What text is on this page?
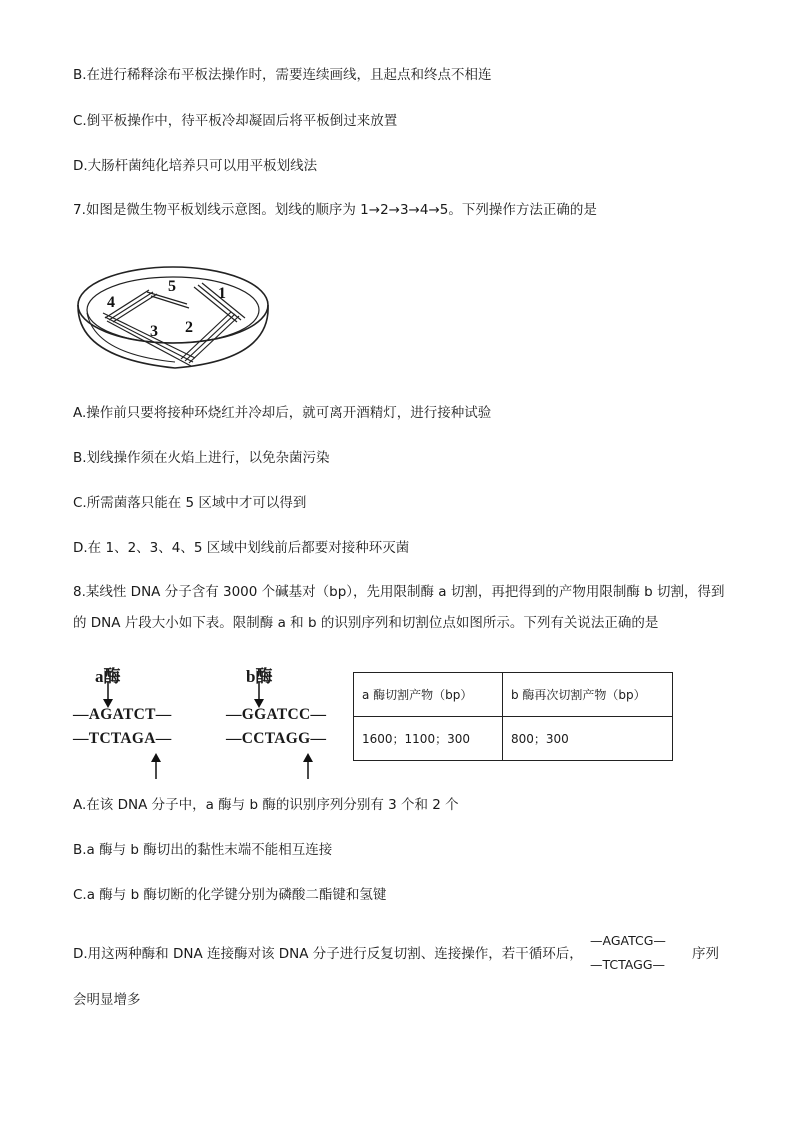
B.在进行稀释涂布平板法操作时，需要连续画线，且起点和终点不相连
C.倒平板操作中，待平板冷却凝固后将平板倒过来放置
D.大肠杆菌纯化培养只可以用平板划线法
7.如图是微生物平板划线示意图。划线的顺序为 1→2→3→4→5。下列操作方法正确的是
1
2
3
4
5
A.操作前只要将接种环烧红并冷却后，就可离开酒精灯，进行接种试验
B.划线操作须在火焰上进行，以免杂菌污染
C.所需菌落只能在 5 区域中才可以得到
D.在 1、2、3、4、5 区域中划线前后都要对接种环灭菌
8.某线性 DNA 分子含有 3000 个碱基对（bp），先用限制酶 a 切割，再把得到的产物用限制酶 b 切割，得到
的 DNA 片段大小如下表。限制酶 a 和 b 的识别序列和切割位点如图所示。下列有关说法正确的是
a酶
—AGATCT—
—TCTAGA—
b酶
—GGATCC—
—CCTAGG—
a 酶切割产物（bp）	b 酶再次切割产物（bp）
1600；1100；300	800；300
A.在该 DNA 分子中，a 酶与 b 酶的识别序列分别有 3 个和 2 个
B.a 酶与 b 酶切出的黏性末端不能相互连接
C.a 酶与 b 酶切断的化学键分别为磷酸二酯键和氢键
D.用这两种酶和 DNA 连接酶对该 DNA 分子进行反复切割、连接操作，若干循环后，
—AGATCG—
—TCTAGG—
序列
会明显增多
